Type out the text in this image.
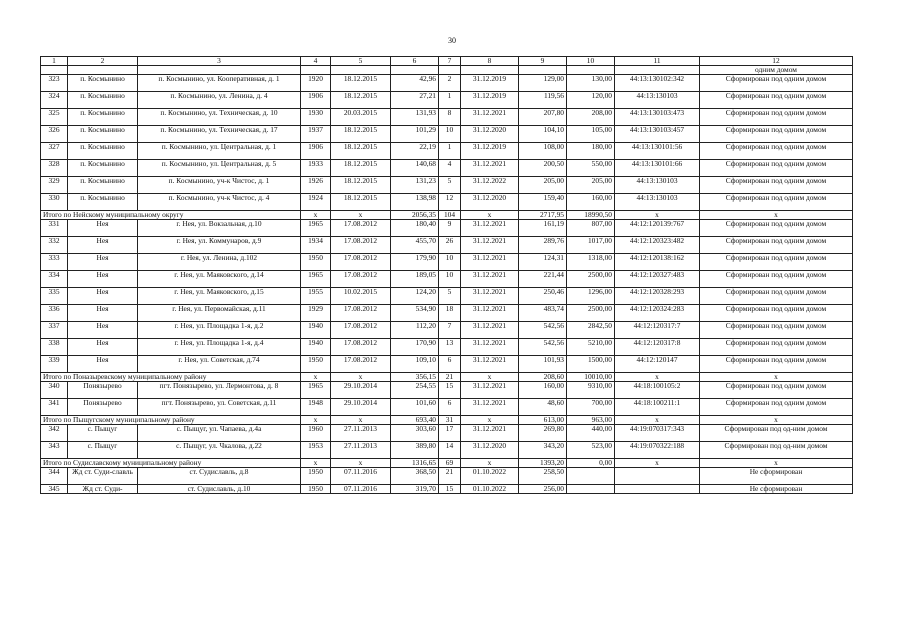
30
1	2	3	4	5	6	7	8	9	10	11	12
											одним домом
323	п. Космынино	п. Космынино, ул. Кооперативная, д. 1	1920	18.12.2015	42,96	2	31.12.2019	129,00	130,00	44:13:130102:342	Сформирован под одним домом
324	п. Космынино	п. Космынино, ул. Ленина, д. 4	1906	18.12.2015	27,21	1	31.12.2019	119,56	120,00	44:13:130103	Сформирован под одним домом
325	п. Космынино	п. Космынино, ул. Техническая, д. 10	1930	20.03.2015	131,93	8	31.12.2021	207,80	208,00	44:13:130103:473	Сформирован под одним домом
326	п. Космынино	п. Космынино, ул. Техническая, д. 17	1937	18.12.2015	101,29	10	31.12.2020	104,10	105,00	44:13:130103:457	Сформирован под одним домом
327	п. Космынино	п. Космынино, ул. Центральная, д. 1	1906	18.12.2015	22,19	1	31.12.2019	108,00	180,00	44:13:130101:56	Сформирован под одним домом
328	п. Космынино	п. Космынино, ул. Центральная, д. 5	1933	18.12.2015	140,68	4	31.12.2021	200,50	550,00	44:13:130101:66	Сформирован под одним домом
329	п. Космынино	п. Космынино, уч-к Чистос, д. 1	1926	18.12.2015	131,23	5	31.12.2022	205,00	205,00	44:13:130103	Сформирован под одним домом
330	п. Космынино	п. Космынино, уч-к Чистос, д. 4	1924	18.12.2015	138,98	12	31.12.2020	159,40	160,00	44:13:130103	Сформирован под одним домом
Итого по Нейскому муниципальному округу			х	х	2056,35	104	х	2717,95	18990,50	х	х
331	Нея	г. Нея, ул. Вокзальная, д.10	1965	17.08.2012	180,40	9	31.12.2021	161,19	807,00	44:12:120139:767	Сформирован под одним домом
332	Нея	г. Нея, ул. Коммунаров, д.9	1934	17.08.2012	455,70	26	31.12.2021	289,76	1017,00	44:12:120323:482	Сформирован под одним домом
333	Нея	г. Нея, ул. Ленина, д.102	1950	17.08.2012	179,90	10	31.12.2021	124,31	1318,00	44:12:120138:162	Сформирован под одним домом
334	Нея	г. Нея, ул. Маяковского, д.14	1965	17.08.2012	189,05	10	31.12.2021	221,44	2500,00	44:12:120327:483	Сформирован под одним домом
335	Нея	г. Нея, ул. Маяковского, д.15	1955	10.02.2015	124,20	5	31.12.2021	250,46	1296,00	44:12:120328:293	Сформирован под одним домом
336	Нея	г. Нея, ул. Первомайская, д.11	1929	17.08.2012	534,90	18	31.12.2021	483,74	2500,00	44:12:120324:283	Сформирован под одним домом
337	Нея	г. Нея, ул. Площадка 1-я, д.2	1940	17.08.2012	112,20	7	31.12.2021	542,56	2842,50	44:12:120317:7	Сформирован под одним домом
338	Нея	г. Нея, ул. Площадка 1-я, д.4	1940	17.08.2012	170,90	13	31.12.2021	542,56	5210,00	44:12:120317:8	Сформирован под одним домом
339	Нея	г. Нея, ул. Советская, д.74	1950	17.08.2012	109,10	6	31.12.2021	101,93	1500,00	44:12:120147	Сформирован под одним домом
Итого по Поназыревскому муниципальному району			х	х	356,15	21	х	208,60	10010,00	х	х
340	Понязырево	пгт. Понязырево, ул. Лермонтова, д. 8	1965	29.10.2014	254,55	15	31.12.2021	160,00	9310,00	44:18:100105:2	Сформирован под одним домом
341	Понязырево	пгт. Понязырево, ул. Советская, д.11	1948	29.10.2014	101,60	6	31.12.2021	48,60	700,00	44:18:100211:1	Сформирован под одним домом
Итого по Пыщугскому муниципальному району			х	х	693,40	31	х	613,00	963,00	х	х
342	с. Пыщуг	с. Пыщуг, ул. Чапаева, д.4а	1960	27.11.2013	303,60	17	31.12.2021	269,80	440,00	44:19:070317:343	Сформирован под од-ним домом
343	с. Пыщуг	с. Пыщуг, ул. Чкалова, д.22	1953	27.11.2013	389,80	14	31.12.2020	343,20	523,00	44:19:070322:188	Сформирован под од-ним домом
Итого по Судиславскому муниципальному району			х	х	1316,65	69	х	1393,20	0,00	х	х
344	Жд ст. Суди-славль	ст. Судиславль, д.8	1950	07.11.2016	368,50	21	01.10.2022	258,50			Не сформирован
345	Жд ст. Суди-	ст. Судиславль, д.10	1950	07.11.2016	319,70	15	01.10.2022	256,00			Не сформирован
